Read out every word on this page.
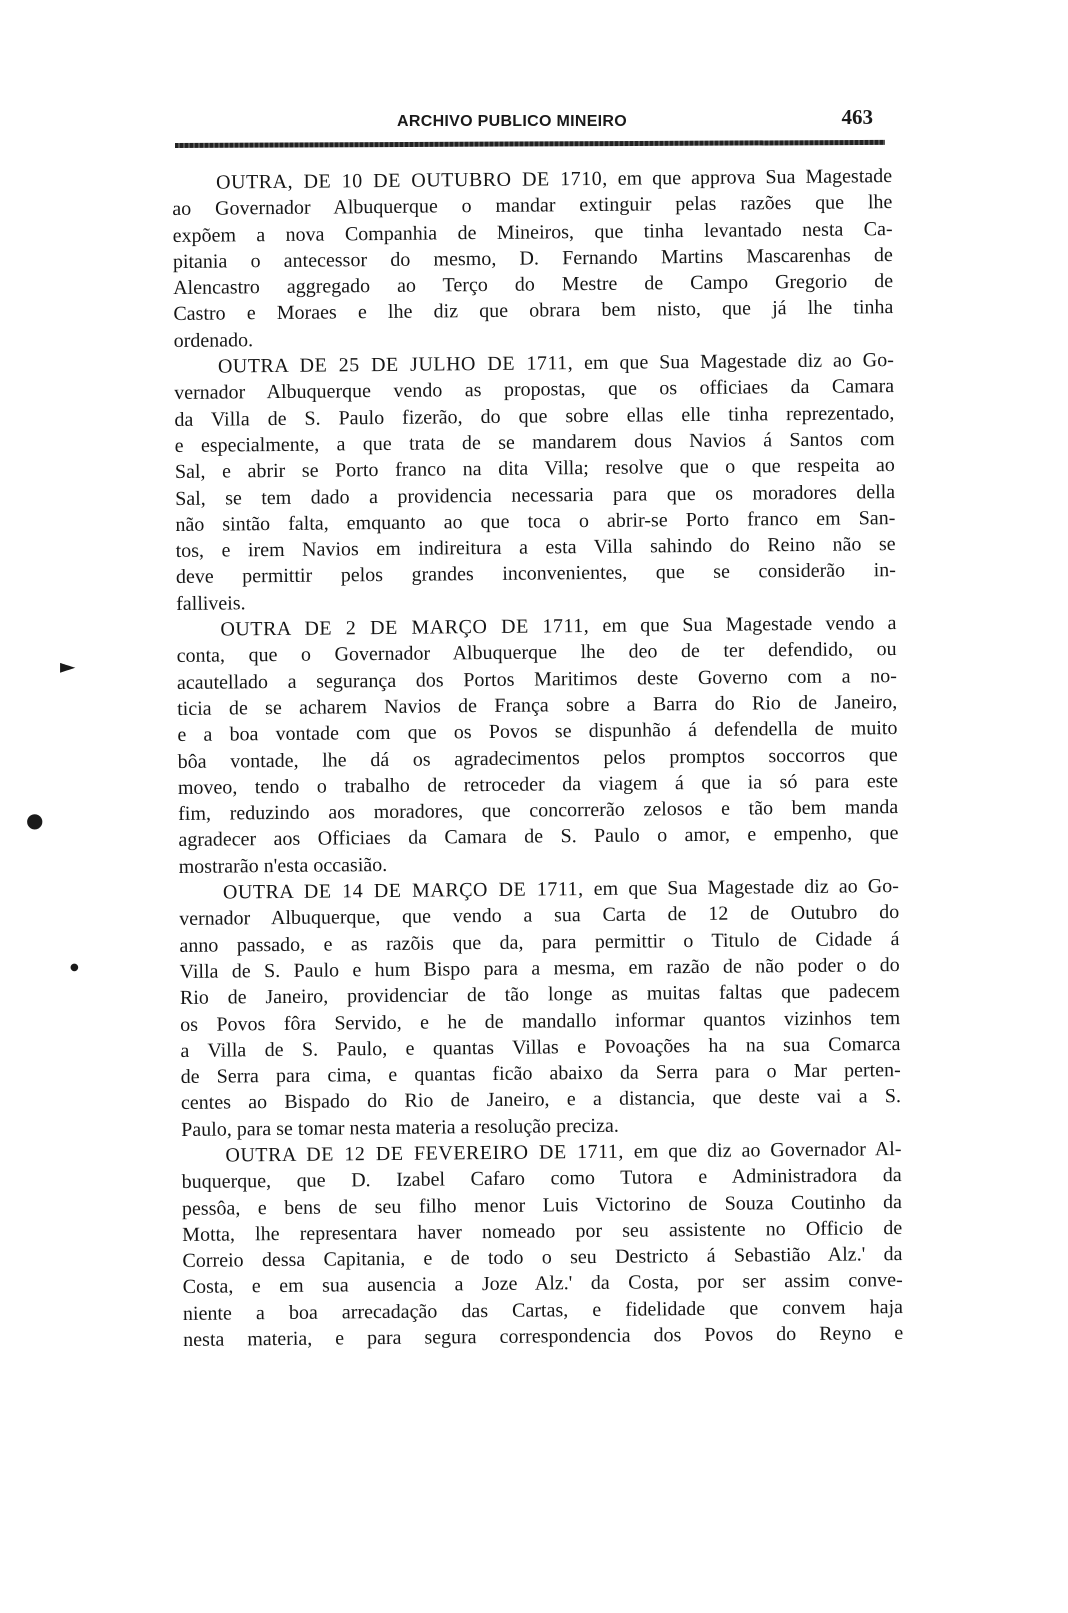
ARCHIVO PUBLICO MINEIRO	463
►
●
●

OUTRA, DE 10 DE OUTUBRO DE 1710, em que approva Sua Magestade
ao Governador Albuquerque o mandar extinguir pelas razões que lhe
expõem a nova Companhia de Mineiros, que tinha levantado nesta Ca-
pitania o antecessor do mesmo, D. Fernando Martins Mascarenhas de
Alencastro aggregado ao Terço do Mestre de Campo Gregorio de
Castro e Moraes e lhe diz que obrara bem nisto, que já lhe tinha
ordenado.

OUTRA DE 25 DE JULHO DE 1711, em que Sua Magestade diz ao Go-
vernador Albuquerque vendo as propostas, que os officiaes da Camara
da Villa de S. Paulo fizerão, do que sobre ellas elle tinha reprezentado,
e especialmente, a que trata de se mandarem dous Navios á Santos com
Sal, e abrir se Porto franco na dita Villa; resolve que o que respeita ao
Sal, se tem dado a providencia necessaria para que os moradores della
não sintão falta, emquanto ao que toca o abrir-se Porto franco em San-
tos, e irem Navios em indireitura a esta Villa sahindo do Reino não se
deve permittir pelos grandes inconvenientes, que se considerão in-
falliveis.

OUTRA DE 2 DE MARÇO DE 1711, em que Sua Magestade vendo a
conta, que o Governador Albuquerque lhe deo de ter defendido, ou
acautellado a segurança dos Portos Maritimos deste Governo com a no-
ticia de se acharem Navios de França sobre a Barra do Rio de Janeiro,
e a boa vontade com que os Povos se dispunhão á defendella de muito
bôa vontade, lhe dá os agradecimentos pelos promptos soccorros que
moveo, tendo o trabalho de retroceder da viagem á que ia só para este
fim, reduzindo aos moradores, que concorrerão zelosos e tão bem manda
agradecer aos Officiaes da Camara de S. Paulo o amor, e empenho, que
mostrarão n'esta occasião.

OUTRA DE 14 DE MARÇO DE 1711, em que Sua Magestade diz ao Go-
vernador Albuquerque, que vendo a sua Carta de 12 de Outubro do
anno passado, e as razõis que da, para permittir o Titulo de Cidade á
Villa de S. Paulo e hum Bispo para a mesma, em razão de não poder o do
Rio de Janeiro, providenciar de tão longe as muitas faltas que padecem
os Povos fôra Servido, e he de mandallo informar quantos vizinhos tem
a Villa de S. Paulo, e quantas Villas e Povoações ha na sua Comarca
de Serra para cima, e quantas ficão abaixo da Serra para o Mar perten-
centes ao Bispado do Rio de Janeiro, e a distancia, que deste vai a S.
Paulo, para se tomar nesta materia a resolução preciza.

OUTRA DE 12 DE FEVEREIRO DE 1711, em que diz ao Governador Al-
buquerque, que D. Izabel Cafaro como Tutora e Administradora da
pessôa, e bens de seu filho menor Luis Victorino de Souza Coutinho da
Motta, lhe representara haver nomeado por seu assistente no Officio de
Correio dessa Capitania, e de todo o seu Destricto á Sebastião Alz.' da
Costa, e em sua ausencia a Joze Alz.' da Costa, por ser assim conve-
niente a boa arrecadação das Cartas, e fidelidade que convem haja
nesta materia, e para segura correspondencia dos Povos do Reyno e
